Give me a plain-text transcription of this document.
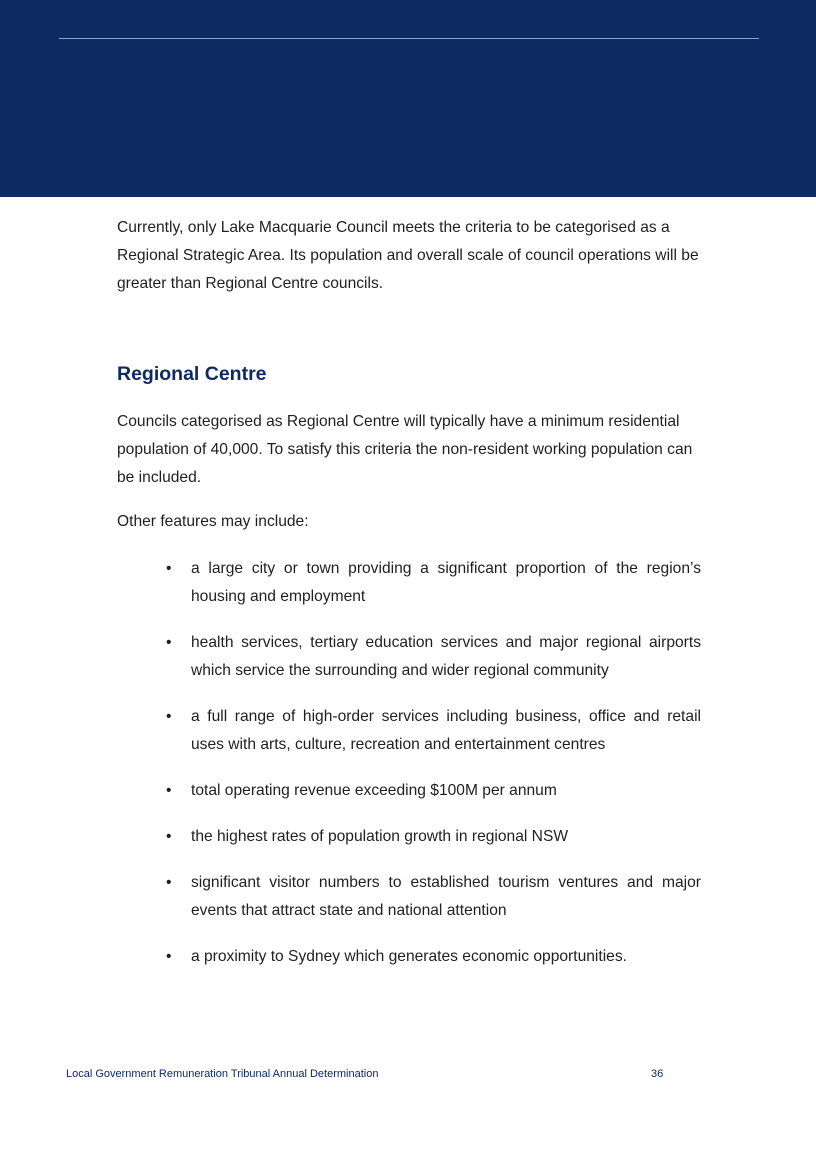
Currently, only Lake Macquarie Council meets the criteria to be categorised as a Regional Strategic Area. Its population and overall scale of council operations will be greater than Regional Centre councils.

Regional Centre

Councils categorised as Regional Centre will typically have a minimum residential population of 40,000. To satisfy this criteria the non-resident working population can be included.

Other features may include:

• a large city or town providing a significant proportion of the region’s housing and employment
• health services, tertiary education services and major regional airports which service the surrounding and wider regional community
• a full range of high-order services including business, office and retail uses with arts, culture, recreation and entertainment centres
• total operating revenue exceeding $100M per annum
• the highest rates of population growth in regional NSW
• significant visitor numbers to established tourism ventures and major events that attract state and national attention
• a proximity to Sydney which generates economic opportunities.
Local Government Remuneration Tribunal Annual Determination	36
